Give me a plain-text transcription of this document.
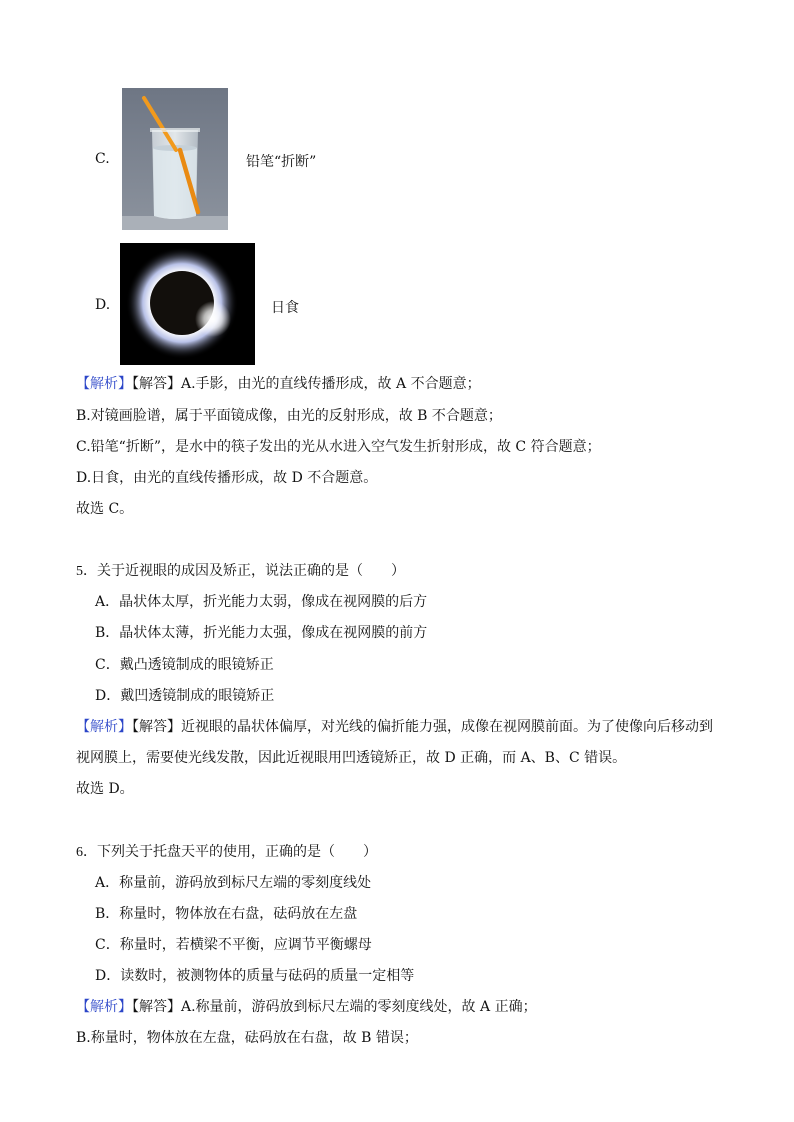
C.	铅笔“折断”
D.	日食
【解析】【解答】A.手影，由光的直线传播形成，故 A 不合题意；
B.对镜画脸谱，属于平面镜成像，由光的反射形成，故 B 不合题意；
C.铅笔“折断”，是水中的筷子发出的光从水进入空气发生折射形成，故 C 符合题意；
D.日食，由光的直线传播形成，故 D 不合题意。
故选 C。
5．关于近视眼的成因及矫正，说法正确的是（　　）
A．晶状体太厚，折光能力太弱，像成在视网膜的后方
B．晶状体太薄，折光能力太强，像成在视网膜的前方
C．戴凸透镜制成的眼镜矫正
D．戴凹透镜制成的眼镜矫正
【解析】【解答】近视眼的晶状体偏厚，对光线的偏折能力强，成像在视网膜前面。为了使像向后移动到
视网膜上，需要使光线发散，因此近视眼用凹透镜矫正，故 D 正确，而 A、B、C 错误。
故选 D。
6．下列关于托盘天平的使用，正确的是（　　）
A．称量前，游码放到标尺左端的零刻度线处
B．称量时，物体放在右盘，砝码放在左盘
C．称量时，若横梁不平衡，应调节平衡螺母
D．读数时，被测物体的质量与砝码的质量一定相等
【解析】【解答】A.称量前，游码放到标尺左端的零刻度线处，故 A 正确；
B.称量时，物体放在左盘，砝码放在右盘，故 B 错误；
